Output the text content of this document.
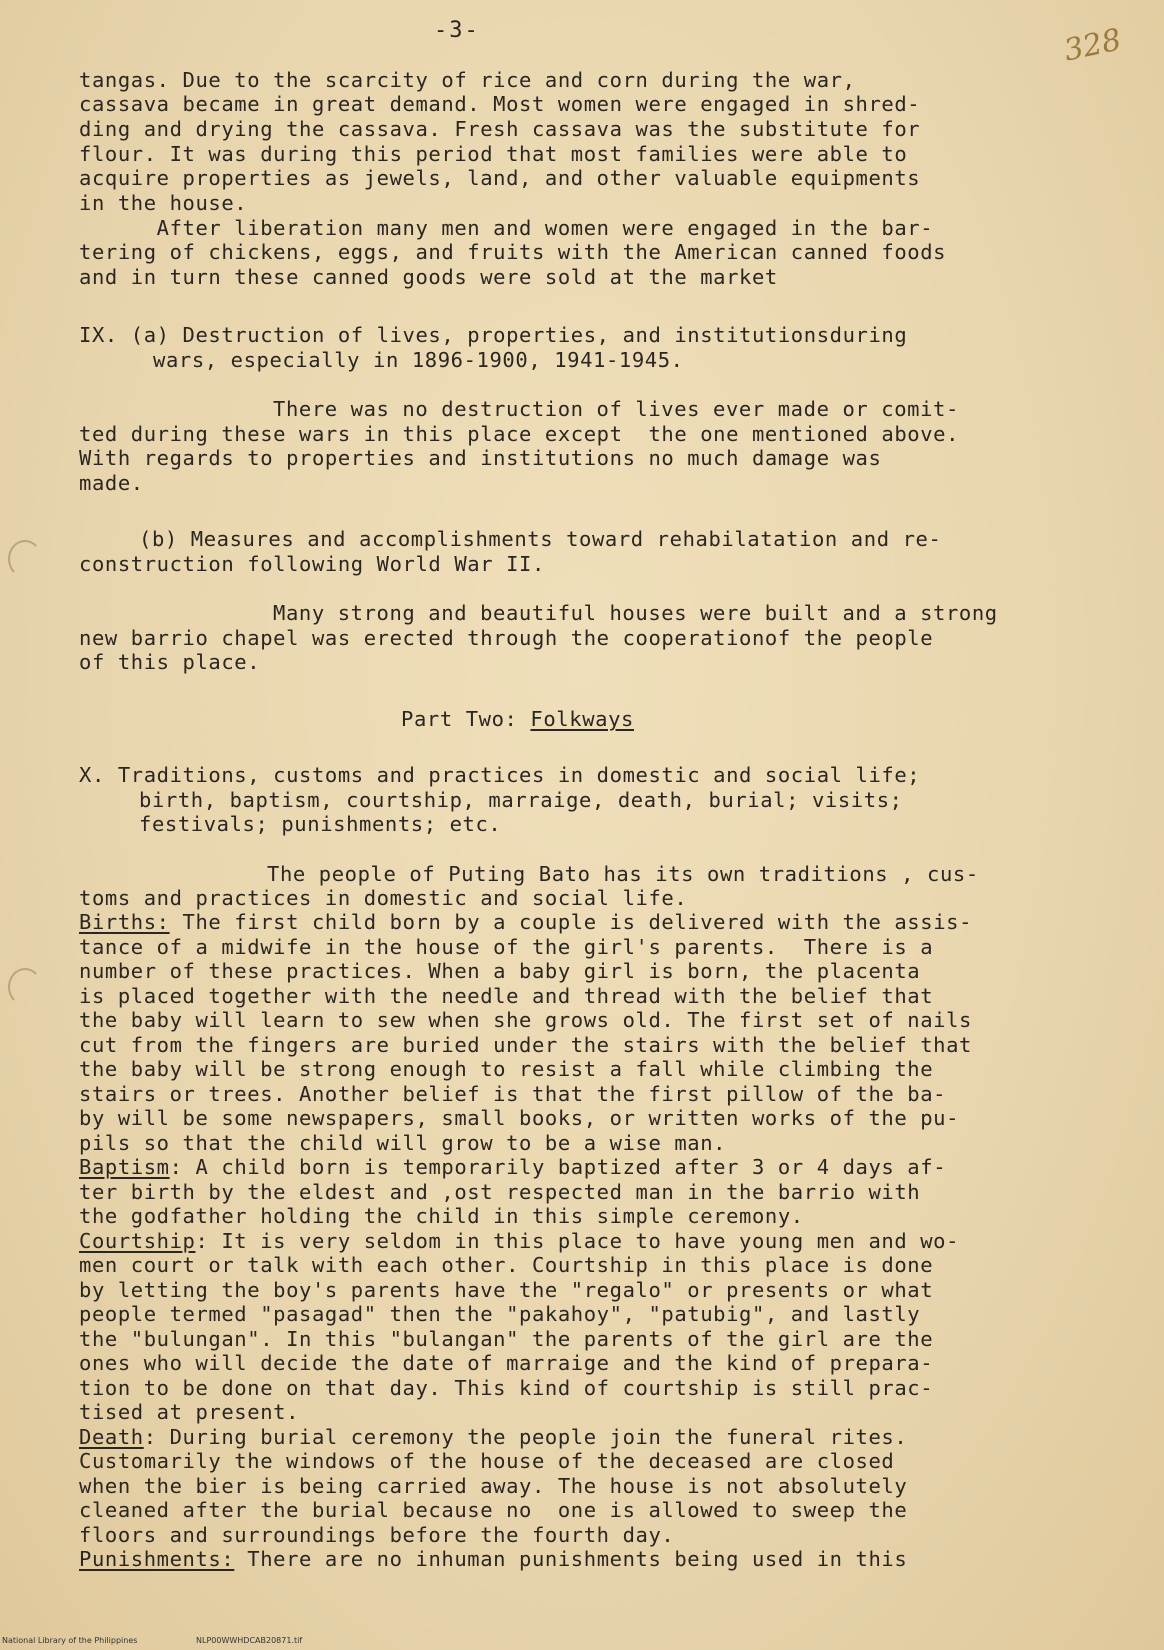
-3-	328
tangas. Due to the scarcity of rice and corn during the war,
cassava became in great demand. Most women were engaged in shred-
ding and drying the cassava. Fresh cassava was the substitute for
flour. It was during this period that most families were able to
acquire properties as jewels, land, and other valuable equipments
in the house.
After liberation many men and women were engaged in the bar-
tering of chickens, eggs, and fruits with the American canned foods
and in turn these canned goods were sold at the market
IX. (a) Destruction of lives, properties, and institutionsduring
wars, especially in 1896-1900, 1941-1945.
There was no destruction of lives ever made or comit-
ted during these wars in this place except  the one mentioned above.
With regards to properties and institutions no much damage was
made.
(b) Measures and accomplishments toward rehabilatation and re-
construction following World War II.
Many strong and beautiful houses were built and a strong
new barrio chapel was erected through the cooperationof the people
of this place.
Part Two: Folkways
X. Traditions, customs and practices in domestic and social life;
birth, baptism, courtship, marraige, death, burial; visits;
festivals; punishments; etc.
The people of Puting Bato has its own traditions , cus-
toms and practices in domestic and social life.
Births: The first child born by a couple is delivered with the assis-
tance of a midwife in the house of the girl's parents.  There is a
number of these practices. When a baby girl is born, the placenta
is placed together with the needle and thread with the belief that
the baby will learn to sew when she grows old. The first set of nails
cut from the fingers are buried under the stairs with the belief that
the baby will be strong enough to resist a fall while climbing the
stairs or trees. Another belief is that the first pillow of the ba-
by will be some newspapers, small books, or written works of the pu-
pils so that the child will grow to be a wise man.
Baptism: A child born is temporarily baptized after 3 or 4 days af-
ter birth by the eldest and ,ost respected man in the barrio with
the godfather holding the child in this simple ceremony.
Courtship: It is very seldom in this place to have young men and wo-
men court or talk with each other. Courtship in this place is done
by letting the boy's parents have the "regalo" or presents or what
people termed "pasagad" then the "pakahoy", "patubig", and lastly
the "bulungan". In this "bulangan" the parents of the girl are the
ones who will decide the date of marraige and the kind of prepara-
tion to be done on that day. This kind of courtship is still prac-
tised at present.
Death: During burial ceremony the people join the funeral rites.
Customarily the windows of the house of the deceased are closed
when the bier is being carried away. The house is not absolutely
cleaned after the burial because no  one is allowed to sweep the
floors and surroundings before the fourth day.
Punishments: There are no inhuman punishments being used in this
National Library of the Philippines	NLP00WWHDCAB20871.tif
